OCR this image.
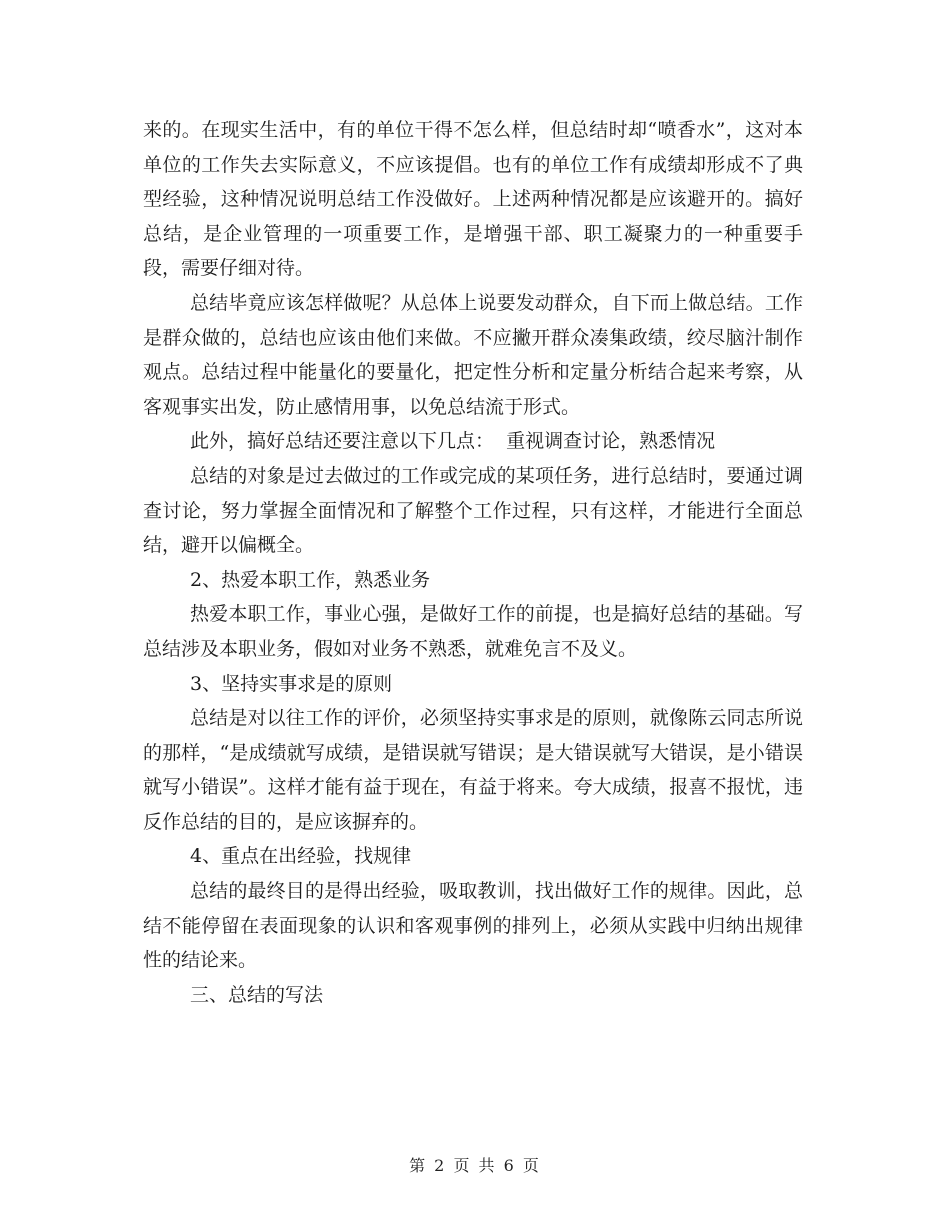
来的。在现实生活中，有的单位干得不怎么样，但总结时却“喷香水”，这对本单位的工作失去实际意义，不应该提倡。也有的单位工作有成绩却形成不了典型经验，这种情况说明总结工作没做好。上述两种情况都是应该避开的。搞好总结，是企业管理的一项重要工作，是增强干部、职工凝聚力的一种重要手段，需要仔细对待。

总结毕竟应该怎样做呢？从总体上说要发动群众，自下而上做总结。工作是群众做的，总结也应该由他们来做。不应撇开群众凑集政绩，绞尽脑汁制作观点。总结过程中能量化的要量化，把定性分析和定量分析结合起来考察，从客观事实出发，防止感情用事，以免总结流于形式。

此外，搞好总结还要注意以下几点：  重视调查讨论，熟悉情况

总结的对象是过去做过的工作或完成的某项任务，进行总结时，要通过调查讨论，努力掌握全面情况和了解整个工作过程，只有这样，才能进行全面总结，避开以偏概全。

2、热爱本职工作，熟悉业务

热爱本职工作，事业心强，是做好工作的前提，也是搞好总结的基础。写总结涉及本职业务，假如对业务不熟悉，就难免言不及义。

3、坚持实事求是的原则

总结是对以往工作的评价，必须坚持实事求是的原则，就像陈云同志所说的那样，“是成绩就写成绩，是错误就写错误；是大错误就写大错误，是小错误就写小错误”。这样才能有益于现在，有益于将来。夸大成绩，报喜不报忧，违反作总结的目的，是应该摒弃的。

4、重点在出经验，找规律

总结的最终目的是得出经验，吸取教训，找出做好工作的规律。因此，总结不能停留在表面现象的认识和客观事例的排列上，必须从实践中归纳出规律性的结论来。

三、总结的写法

第 2 页 共 6 页
